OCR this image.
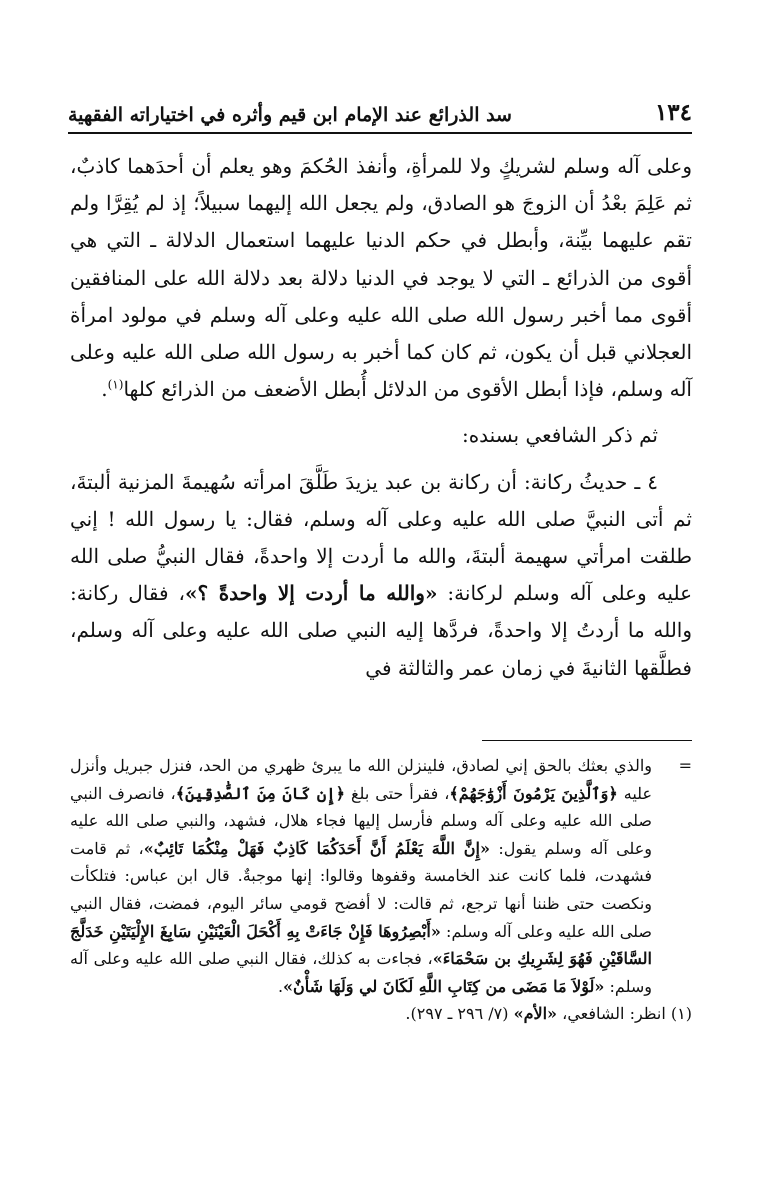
١٣٤
سد الذرائع عند الإمام ابن قيم وأثره في اختياراته الفقهية

وعلى آله وسلم لشريكٍ ولا للمرأةِ، وأنفذ الحُكمَ وهو يعلم أن أحدَهما كاذبٌ، ثم عَلِمَ بعْدُ أن الزوجَ هو الصادق، ولم يجعل الله إليهما سبيلاً؛ إذ لم يُقِرَّا ولم تقم عليهما بيِّنة، وأبطل في حكم الدنيا عليهما استعمال الدلالة ـ التي هي أقوى من الذرائع ـ التي لا يوجد في الدنيا دلالة بعد دلالة الله على المنافقين أقوى مما أخبر رسول الله صلى الله عليه وعلى آله وسلم في مولود امرأة العجلاني قبل أن يكون، ثم كان كما أخبر به رسول الله صلى الله عليه وعلى آله وسلم، فإذا أبطل الأقوى من الدلائل أُبطل الأضعف من الذرائع كلها$^{(١)}$.

ثم ذكر الشافعي بسنده:

٤ ـ حديثُ ركانة: أن ركانة بن عبد يزيدَ طَلَّقَ امرأته سُهيمةَ المزنية ألبتةَ، ثم أتى النبيَّ صلى الله عليه وعلى آله وسلم، فقال: يا رسول الله ! إني طلقت امرأتي سهيمة ألبتةَ، والله ما أردت إلا واحدةً، فقال النبيُّ صلى الله عليه وعلى آله وسلم لركانة: «والله ما أردت إلا واحدةً ؟»، فقال ركانة: والله ما أردتُ إلا واحدةً، فردَّها إليه النبي صلى الله عليه وعلى آله وسلم، فطلَّقها الثانيةَ في زمان عمر والثالثة في

=
والذي بعثك بالحق إني لصادق، فلينزلن الله ما يبرئ ظهري من الحد، فنزل جبريل وأنزل عليه ﴿وَٱلَّذِينَ يَرْمُونَ أَزْوَٰجَهُمْ﴾، فقرأ حتى بلغ ﴿إِن كَانَ مِنَ ٱلصَّٰدِقِينَ﴾، فانصرف النبي صلى الله عليه وعلى آله وسلم فأرسل إليها فجاء هلال، فشهد، والنبي صلى الله عليه وعلى آله وسلم يقول: «إِنَّ اللَّهَ يَعْلَمُ أَنَّ أَحَدَكُمَا كَاذِبٌ فَهَلْ مِنْكُمَا تَائِبٌ»، ثم قامت فشهدت، فلما كانت عند الخامسة وقفوها وقالوا: إنها موجبةٌ. قال ابن عباس: فتلكأت ونكصت حتى ظننا أنها ترجع، ثم قالت: لا أفضح قومي سائر اليوم، فمضت، فقال النبي صلى الله عليه وعلى آله وسلم: «أَبْصِرُوهَا فَإِنْ جَاءَتْ بِهِ أَكْحَلَ الْعَيْنَيْنِ سَابِغَ الإِلْيَتَيْنِ خَدَلَّجَ السَّاقَيْنِ فَهُوَ لِشَرِيكِ بن سَحْمَاءَ»، فجاءت به كذلك، فقال النبي صلى الله عليه وعلى آله وسلم: «لَوْلاَ مَا مَضَى من كِتَابِ اللَّهِ لَكَانَ لي وَلَهَا شَأْنٌ».

(١) انظر: الشافعي، «الأم» (٧/ ٢٩٦ ـ ٢٩٧).
